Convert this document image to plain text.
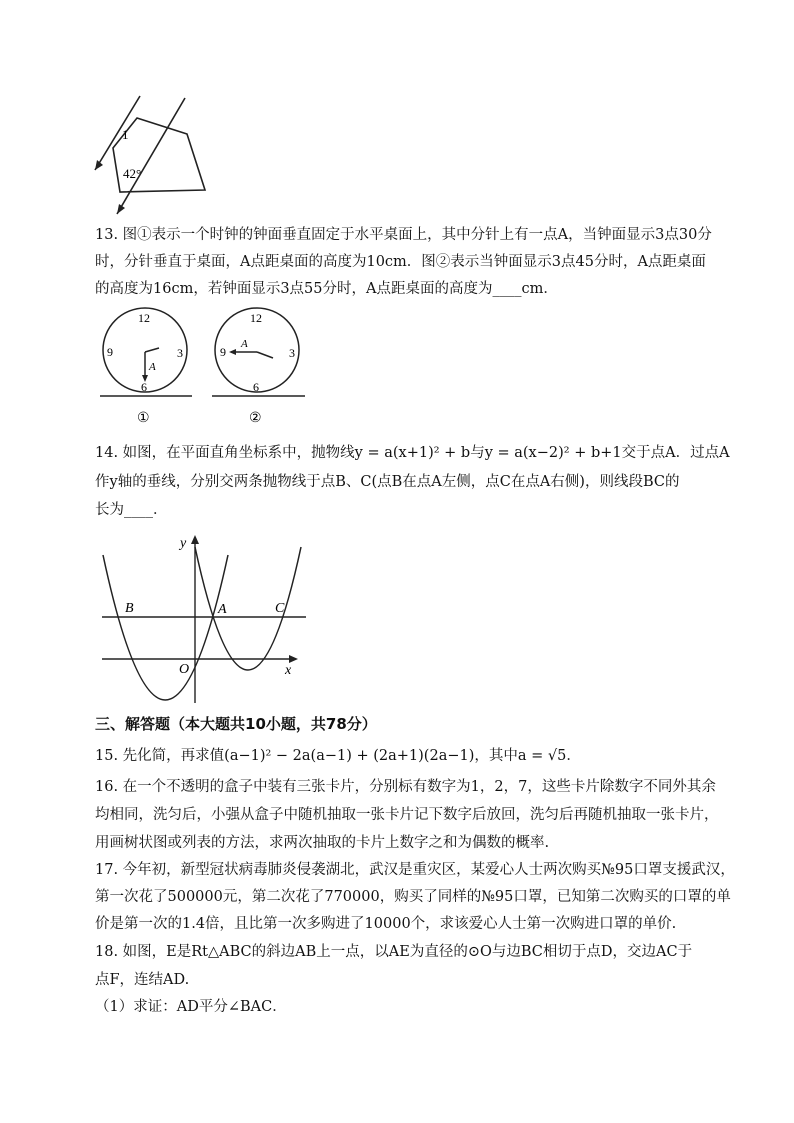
1
42°
13. 图①表示一个时钟的钟面垂直固定于水平桌面上，其中分针上有一点A，当钟面显示3点30分
时，分针垂直于桌面，A点距桌面的高度为10cm．图②表示当钟面显示3点45分时，A点距桌面
的高度为16cm，若钟面显示3点55分时，A点距桌面的高度为____cm．
12
3
6
9
A
①
12
3
6
9
A
②
14. 如图，在平面直角坐标系中，抛物线y = a(x+1)² + b与y = a(x−2)² + b+1交于点A．过点A
作y轴的垂线，分别交两条抛物线于点B、C(点B在点A左侧，点C在点A右侧)，则线段BC的
长为____．
y
x
O
A
B	C
三、解答题（本大题共10小题，共78分）
15. 先化简，再求值(a−1)² − 2a(a−1) + (2a+1)(2a−1)，其中a = √5．
16. 在一个不透明的盒子中装有三张卡片，分别标有数字为1，2，7，这些卡片除数字不同外其余
均相同，洗匀后，小强从盒子中随机抽取一张卡片记下数字后放回，洗匀后再随机抽取一张卡片，
用画树状图或列表的方法，求两次抽取的卡片上数字之和为偶数的概率.
17. 今年初，新型冠状病毒肺炎侵袭湖北，武汉是重灾区，某爱心人士两次购买№95口罩支援武汉，
第一次花了500000元，第二次花了770000，购买了同样的№95口罩，已知第二次购买的口罩的单
价是第一次的1.4倍，且比第一次多购进了10000个，求该爱心人士第一次购进口罩的单价.
18. 如图，E是Rt△ABC的斜边AB上一点，以AE为直径的⊙O与边BC相切于点D，交边AC于
点F，连结AD.
（1）求证：AD平分∠BAC．
